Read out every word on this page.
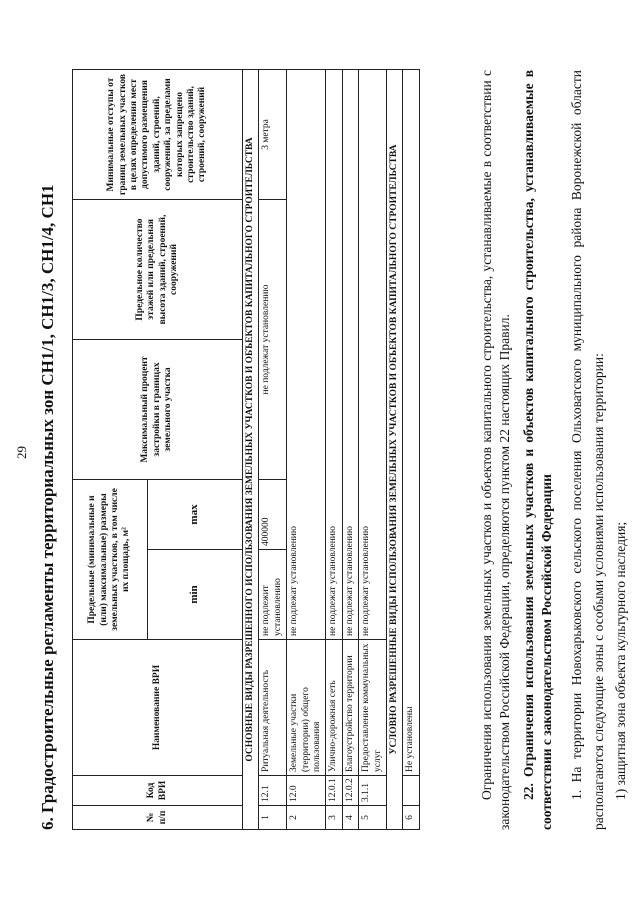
29 6. Градостроительные регламенты территориальных зон СН1/1, СН1/3, СН1/4, СН1	№ п/п	Код ВРИ	Наименование ВРИ	Предельные (минимальные и (или) максимальные) размеры земельных участков, в том числе их площадь, м²		Максимальный процент застройки в границах земельного участка	Предельное количество этажей или предельная высота зданий, строений, сооружений	Минимальные отступы от границ земельных участков в целях определения мест допустимого размещения зданий, строений, сооружений, за пределами которых запрещено строительство зданий, строений, сооружений
			min	max			
ОСНОВНЫЕ ВИДЫ РАЗРЕШЕННОГО ИСПОЛЬЗОВАНИЯ ЗЕМЕЛЬНЫХ УЧАСТКОВ И ОБЪЕКТОВ КАПИТАЛЬНОГО СТРОИТЕЛЬСТВА							
1	12.1	Ритуальная деятельность	не подлежит установлению	400000	не подлежат установлению		3 метра
2	12.0	Земельные участки (территории) общего пользования	не подлежат установлению				
3	12.0.1	Улично-дорожная сеть	не подлежат установлению				
4	12.0.2	Благоустройство территории	не подлежат установлению				
5	3.1.1	Предоставление коммунальных услуг	не подлежат установлению				
УСЛОВНО РАЗРЕШЕННЫЕ ВИДЫ ИСПОЛЬЗОВАНИЯ ЗЕМЕЛЬНЫХ УЧАСТКОВ И ОБЪЕКТОВ КАПИТАЛЬНОГО СТРОИТЕЛЬСТВА							
6		Не установлены						Ограничения использования земельных участков и объектов капитального строительства, устанавливаемые в соответствии с законодательством Российской Федерации, определяются пунктом 22 настоящих Правил. 22. Ограничения использования земельных участков и объектов капитального строительства, устанавливаемые в соответствии с законодательством Российской Федерации 1. На территории Новохарьковского сельского поселения Ольховатского муниципального района Воронежской области располагаются следующие зоны с особыми условиями использования территории: 1) защитная зона объекта культурного наследия;
